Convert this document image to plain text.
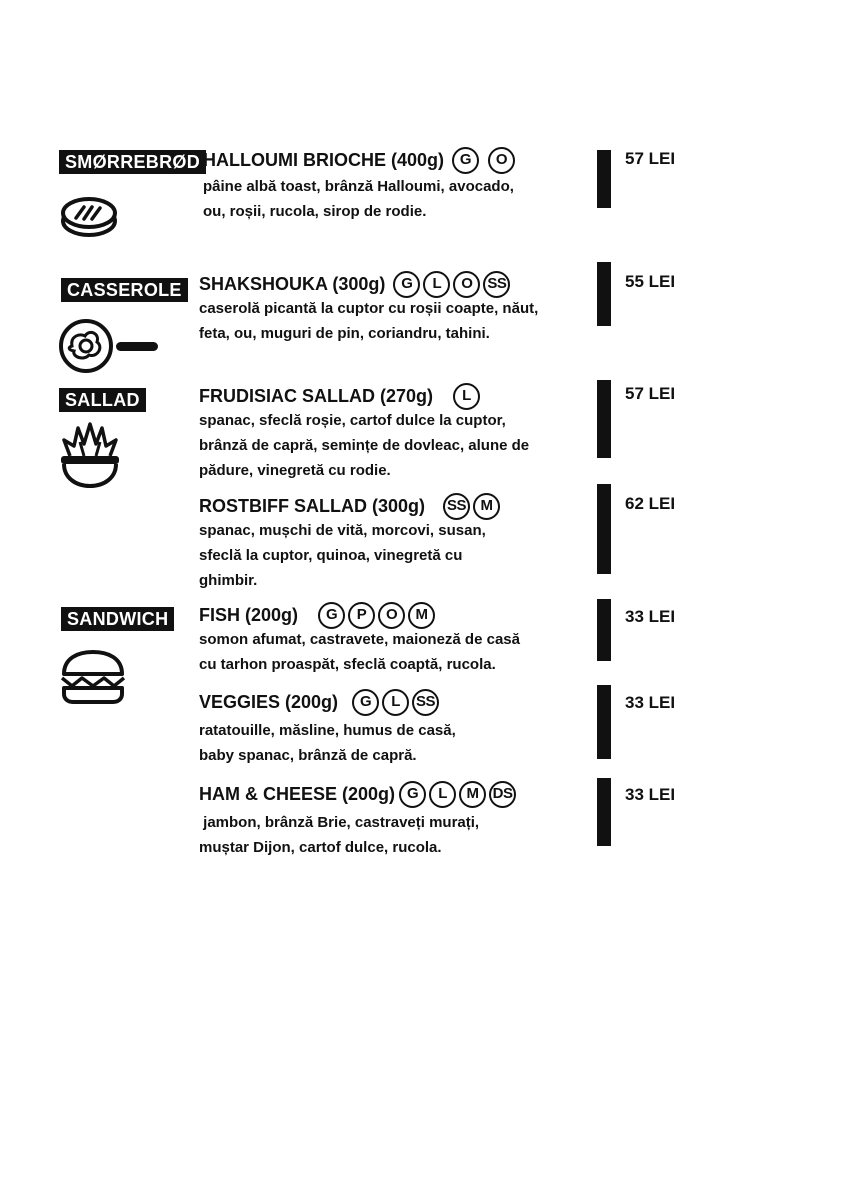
SMØRREBRØD
CASSEROLE
SALLAD
SANDWICH
HALLOUMI BRIOCHE (400g)	G	O
pâine albă toast, brânză Halloumi, avocado,
ou, roșii, rucola, sirop de rodie.
57 LEI
SHAKSHOUKA (300g)	G	L	O SS
caserolă picantă la cuptor cu roșii coapte, năut,
feta, ou, muguri de pin, coriandru, tahini.
55 LEI
FRUDISIAC SALLAD (270g)	L
spanac, sfeclă roșie, cartof dulce la cuptor,
brânză de capră, semințe de dovleac, alune de
pădure, vinegretă cu rodie.
57 LEI
ROSTBIFF SALLAD (300g) SS M
spanac, mușchi de vită, morcovi, susan,
sfeclă la cuptor, quinoa, vinegretă cu
ghimbir.
62 LEI
FISH (200g)	G	P	O	M
somon afumat, castravete, maioneză de casă
cu tarhon proaspăt, sfeclă coaptă, rucola.
33 LEI
VEGGIES (200g)	G	L	SS
ratatouille, măsline, humus de casă,
baby spanac, brânză de capră.
33 LEI
HAM & CHEESE (200g) G	L	M DS
jambon, brânză Brie, castraveți murați,
muștar Dijon, cartof dulce, rucola.
33 LEI
